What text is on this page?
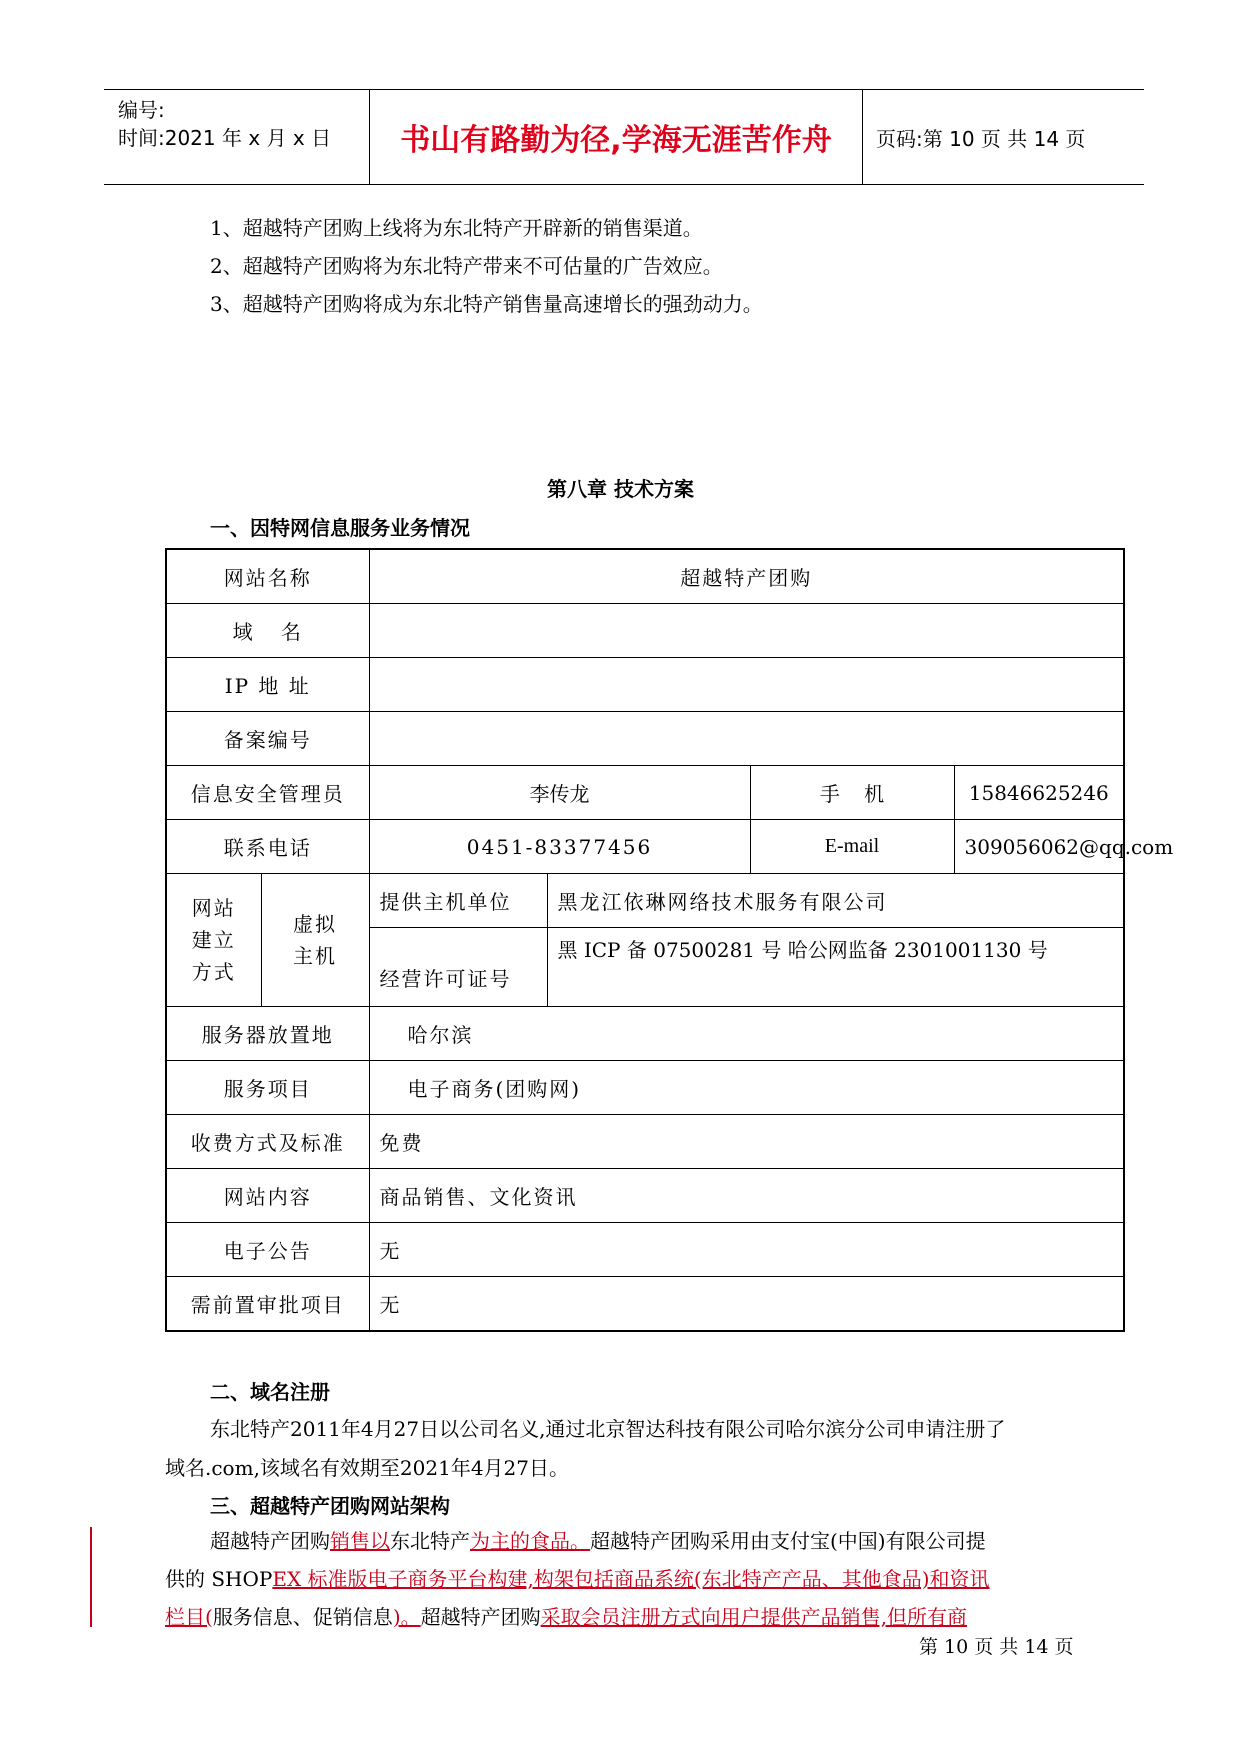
编号:
时间:2021 年 x 月 x 日	书山有路勤为径,学海无涯苦作舟	页码:第 10 页 共 14 页
1、超越特产团购上线将为东北特产开辟新的销售渠道。
2、超越特产团购将为东北特产带来不可估量的广告效应。
3、超越特产团购将成为东北特产销售量高速增长的强劲动力。
第八章 技术方案
一、因特网信息服务业务情况
网站名称		超越特产团购			
域 名					
IP 地 址					
备案编号					
信息安全管理员		李传龙		手 机	15846625246
联系电话		0451-83377456		E-mail	309056062@qq.com
网站建立方式	虚拟主机	提供主机单位	黑龙江依琳网络技术服务有限公司		
		经营许可证号	黑 ICP 备 07500281 号 哈公网监备 2301001130 号		
服务器放置地		哈尔滨			
服务项目		电子商务(团购网)			
收费方式及标准		免费			
网站内容		商品销售、文化资讯			
电子公告		无			
需前置审批项目		无			
二、域名注册
东北特产2011年4月27日以公司名义,通过北京智达科技有限公司哈尔滨分公司申请注册了
域名.com,该域名有效期至2021年4月27日。
三、超越特产团购网站架构
超越特产团购销售以东北特产为主的食品。超越特产团购采用由支付宝(中国)有限公司提
供的 SHOPEX 标准版电子商务平台构建,构架包括商品系统(东北特产产品、其他食品)和资讯
栏目(服务信息、促销信息)。超越特产团购采取会员注册方式向用户提供产品销售,但所有商
第 10 页 共 14 页
